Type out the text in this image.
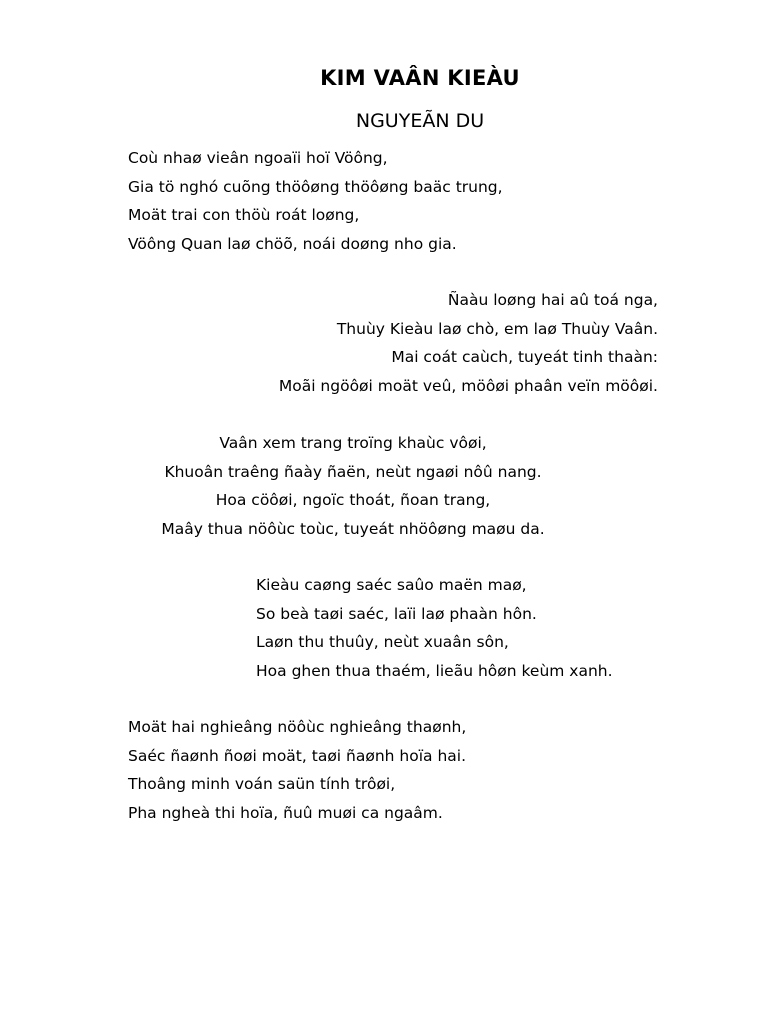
KIM VAÂN KIEÀU
NGUYEÃN DU
Coù nhaø vieân ngoaïi hoï Vöông,
Gia tö nghó cuõng thöôøng thöôøng baäc trung,
Moät trai con thöù roát loøng,
Vöông Quan laø chöõ, noái doøng nho gia.
Ñaàu loøng hai aû toá nga,
Thuùy Kieàu laø chò, em laø Thuùy Vaân.
Mai coát caùch, tuyeát tinh thaàn:
Moãi ngöôøi moät veû, möôøi phaân veïn möôøi.
Vaân xem trang troïng khaùc vôøi,
Khuoân traêng ñaày ñaën, neùt ngaøi nôû nang.
Hoa cöôøi, ngoïc thoát, ñoan trang,
Maây thua nöôùc toùc, tuyeát nhöôøng maøu da.
Kieàu caøng saéc saûo maën maø,
So beà taøi saéc, laïi laø phaàn hôn.
Laøn thu thuûy, neùt xuaân sôn,
Hoa ghen thua thaém, lieãu hôøn keùm xanh.
Moät hai nghieâng nöôùc nghieâng thaønh,
Saéc ñaønh ñoøi moät, taøi ñaønh hoïa hai.
Thoâng minh voán saün tính trôøi,
Pha ngheà thi hoïa, ñuû muøi ca ngaâm.
